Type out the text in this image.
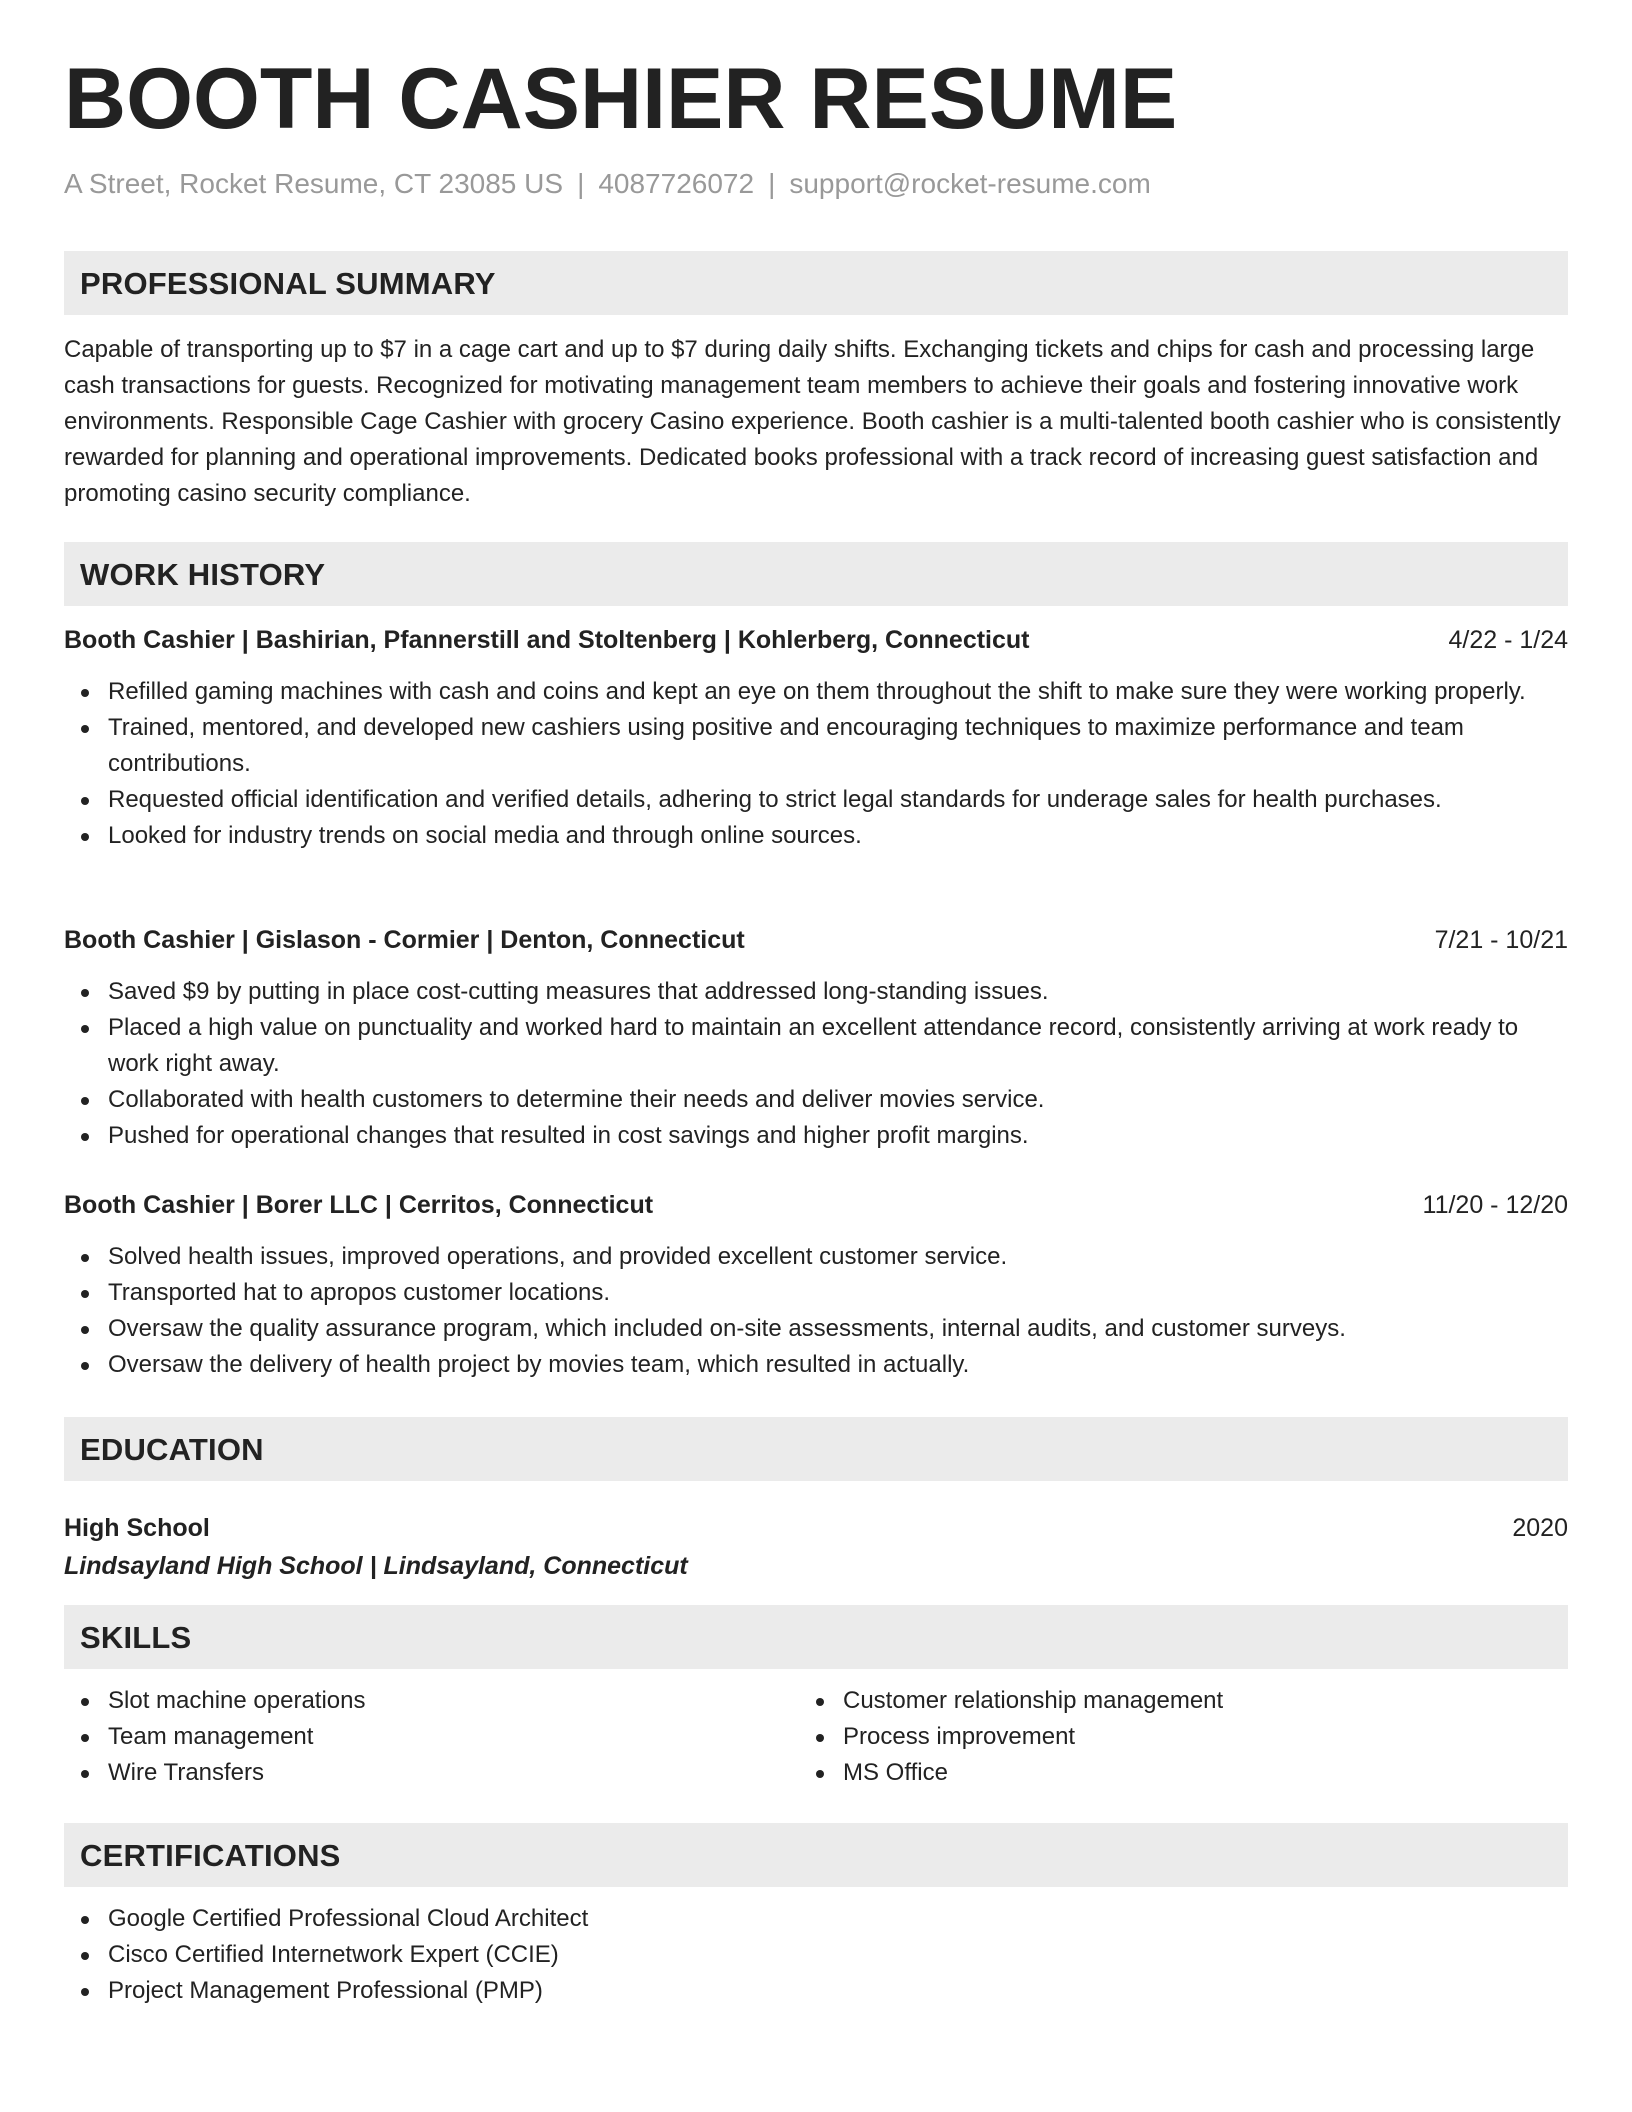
BOOTH CASHIER RESUME
A Street, Rocket Resume, CT 23085 US | 4087726072 | support@rocket-resume.com
PROFESSIONAL SUMMARY

Capable of transporting up to $7 in a cage cart and up to $7 during daily shifts. Exchanging tickets and chips for cash and processing large cash transactions for guests. Recognized for motivating management team members to achieve their goals and fostering innovative work environments. Responsible Cage Cashier with grocery Casino experience. Booth cashier is a multi-talented booth cashier who is consistently rewarded for planning and operational improvements. Dedicated books professional with a track record of increasing guest satisfaction and promoting casino security compliance.

WORK HISTORY
Booth Cashier | Bashirian, Pfannerstill and Stoltenberg | Kohlerberg, Connecticut	4/22 - 1/24
Refilled gaming machines with cash and coins and kept an eye on them throughout the shift to make sure they were working properly.
Trained, mentored, and developed new cashiers using positive and encouraging techniques to maximize performance and team contributions.
Requested official identification and verified details, adhering to strict legal standards for underage sales for health purchases.
Looked for industry trends on social media and through online sources.
Booth Cashier | Gislason - Cormier | Denton, Connecticut	7/21 - 10/21
Saved $9 by putting in place cost-cutting measures that addressed long-standing issues.
Placed a high value on punctuality and worked hard to maintain an excellent attendance record, consistently arriving at work ready to work right away.
Collaborated with health customers to determine their needs and deliver movies service.
Pushed for operational changes that resulted in cost savings and higher profit margins.
Booth Cashier | Borer LLC | Cerritos, Connecticut	11/20 - 12/20
Solved health issues, improved operations, and provided excellent customer service.
Transported hat to apropos customer locations.
Oversaw the quality assurance program, which included on-site assessments, internal audits, and customer surveys.
Oversaw the delivery of health project by movies team, which resulted in actually.
EDUCATION
High School	2020
Lindsayland High School | Lindsayland, Connecticut
SKILLS
Slot machine operations
Team management
Wire Transfers
Customer relationship management
Process improvement
MS Office
CERTIFICATIONS
Google Certified Professional Cloud Architect
Cisco Certified Internetwork Expert (CCIE)
Project Management Professional (PMP)
